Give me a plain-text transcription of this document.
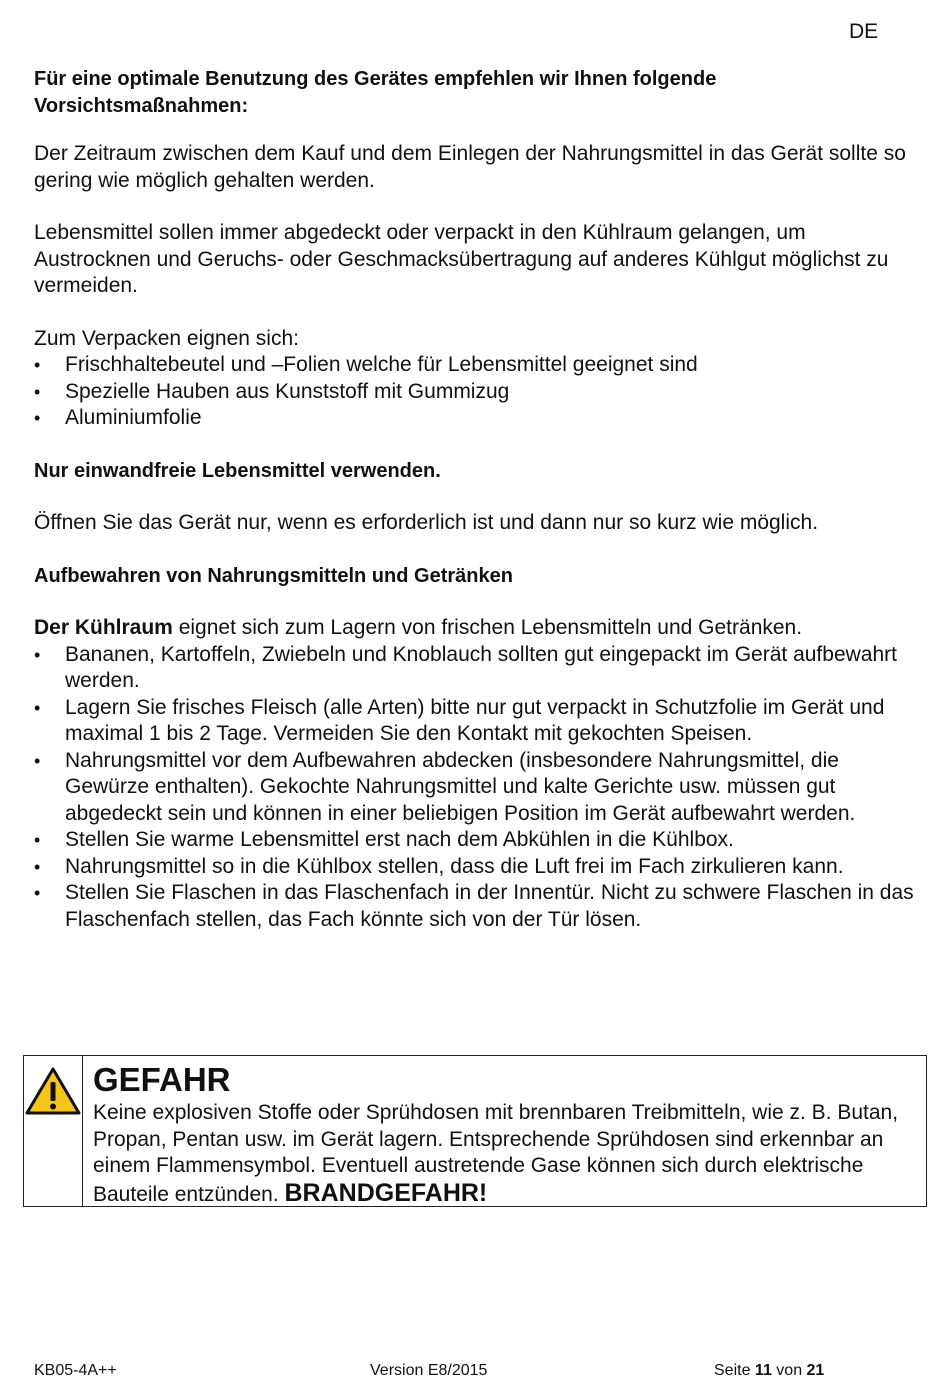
DE

Für eine optimale Benutzung des Gerätes empfehlen wir Ihnen folgende Vorsichtsmaßnahmen:

Der Zeitraum zwischen dem Kauf und dem Einlegen der Nahrungsmittel in das Gerät sollte so gering wie möglich gehalten werden.

Lebensmittel sollen immer abgedeckt oder verpackt in den Kühlraum gelangen, um Austrocknen und Geruchs- oder Geschmacksübertragung auf anderes Kühlgut möglichst zu vermeiden.

Zum Verpacken eignen sich:

•	Frischhaltebeutel und –Folien welche für Lebensmittel geeignet sind
•	Spezielle Hauben aus Kunststoff mit Gummizug
•	Aluminiumfolie

Nur einwandfreie Lebensmittel verwenden.

Öffnen Sie das Gerät nur, wenn es erforderlich ist und dann nur so kurz wie möglich.

Aufbewahren von Nahrungsmitteln und Getränken

Der Kühlraum eignet sich zum Lagern von frischen Lebensmitteln und Getränken.

•	Bananen, Kartoffeln, Zwiebeln und Knoblauch sollten gut eingepackt im Gerät aufbewahrt werden.
•	Lagern Sie frisches Fleisch (alle Arten) bitte nur gut verpackt in Schutzfolie im Gerät und maximal 1 bis 2 Tage. Vermeiden Sie den Kontakt mit gekochten Speisen.
•	Nahrungsmittel vor dem Aufbewahren abdecken (insbesondere Nahrungsmittel, die Gewürze enthalten). Gekochte Nahrungsmittel und kalte Gerichte usw. müssen gut abgedeckt sein und können in einer beliebigen Position im Gerät aufbewahrt werden.
•	Stellen Sie warme Lebensmittel erst nach dem Abkühlen in die Kühlbox.
•	Nahrungsmittel so in die Kühlbox stellen, dass die Luft frei im Fach zirkulieren kann.
•	Stellen Sie Flaschen in das Flaschenfach in der Innentür. Nicht zu schwere Flaschen in das Flaschenfach stellen, das Fach könnte sich von der Tür lösen.
GEFAHR
Keine explosiven Stoffe oder Sprühdosen mit brennbaren Treibmitteln, wie z. B. Butan, Propan, Pentan usw. im Gerät lagern. Entsprechende Sprühdosen sind erkennbar an einem Flammensymbol. Eventuell austretende Gase können sich durch elektrische Bauteile entzünden. BRANDGEFAHR!
KB05-4A++	Version E8/2015	Seite 11 von 21
